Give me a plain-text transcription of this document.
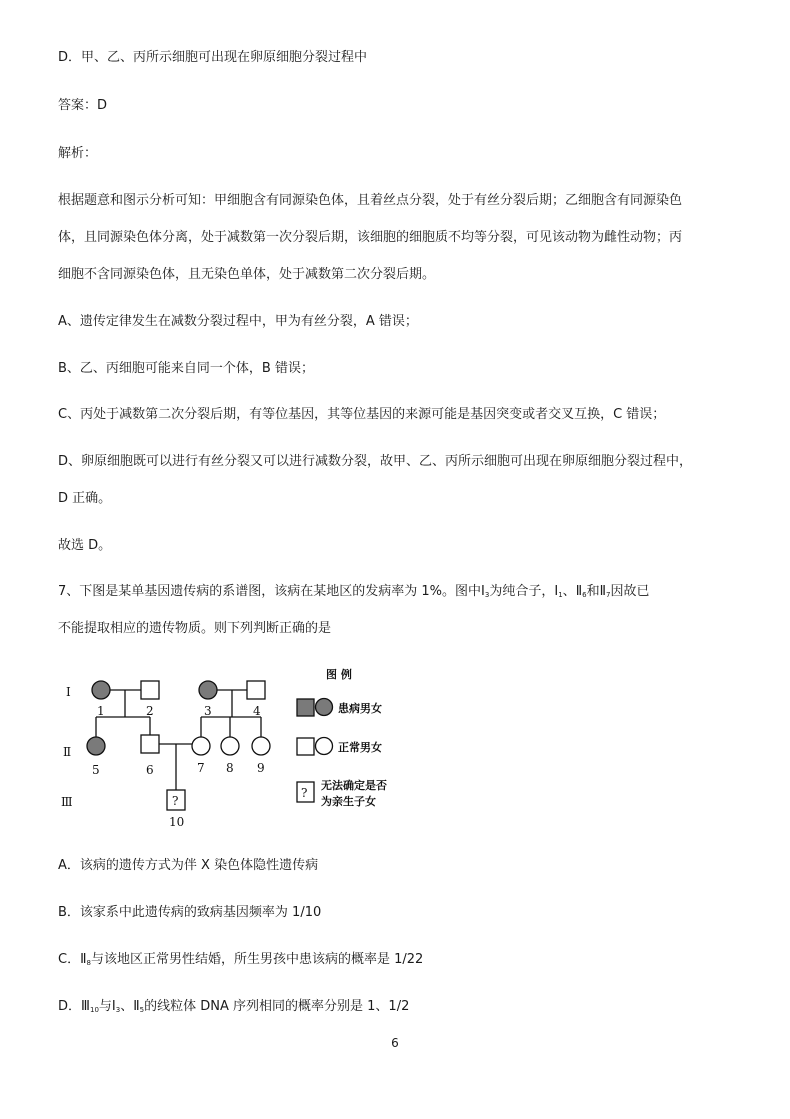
D．甲、乙、丙所示细胞可出现在卵原细胞分裂过程中
答案：D
解析：
根据题意和图示分析可知：甲细胞含有同源染色体，且着丝点分裂，处于有丝分裂后期；乙细胞含有同源染色
体，且同源染色体分离，处于减数第一次分裂后期，该细胞的细胞质不均等分裂，可见该动物为雌性动物；丙
细胞不含同源染色体，且无染色单体，处于减数第二次分裂后期。
A、遗传定律发生在减数分裂过程中，甲为有丝分裂，A 错误；
B、乙、丙细胞可能来自同一个体，B 错误；
C、丙处于减数第二次分裂后期，有等位基因，其等位基因的来源可能是基因突变或者交叉互换，C 错误；
D、卵原细胞既可以进行有丝分裂又可以进行减数分裂，故甲、乙、丙所示细胞可出现在卵原细胞分裂过程中，
D 正确。
故选 D。
7、下图是某单基因遗传病的系谱图，该病在某地区的发病率为 1%。图中$Ⅰ_3$为纯合子，$Ⅰ_1$、$Ⅱ_6$和$Ⅱ_7$因故已
不能提取相应的遗传物质。则下列判断正确的是
Ⅰ
Ⅱ
Ⅲ
1	2	3	4
5	6	7 8 9
?
10
图 例
患病男女
正常男女
?
无法确定是否
为亲生子女
A．该病的遗传方式为伴 X 染色体隐性遗传病
B．该家系中此遗传病的致病基因频率为 1/10
C．$Ⅱ_8$与该地区正常男性结婚，所生男孩中患该病的概率是 1/22
D．$Ⅲ_{10}$与$Ⅰ_3$、$Ⅱ_5$的线粒体 DNA 序列相同的概率分别是 1、1/2
6
